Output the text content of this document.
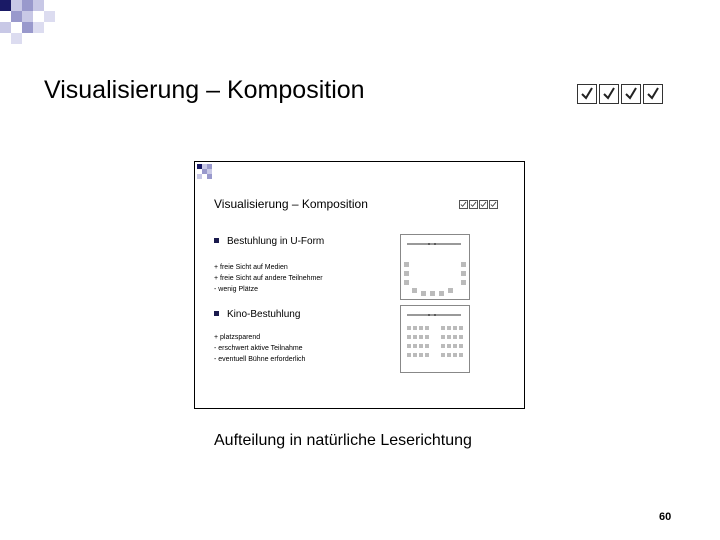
Visualisierung – Komposition
Visualisierung – Komposition
Bestuhlung in U-Form
+ freie Sicht auf Medien
+ freie Sicht auf andere Teilnehmer
- wenig Plätze
Kino-Bestuhlung
+ platzsparend
- erschwert aktive Teilnahme
- eventuell Bühne erforderlich
Aufteilung in natürliche Leserichtung
60
